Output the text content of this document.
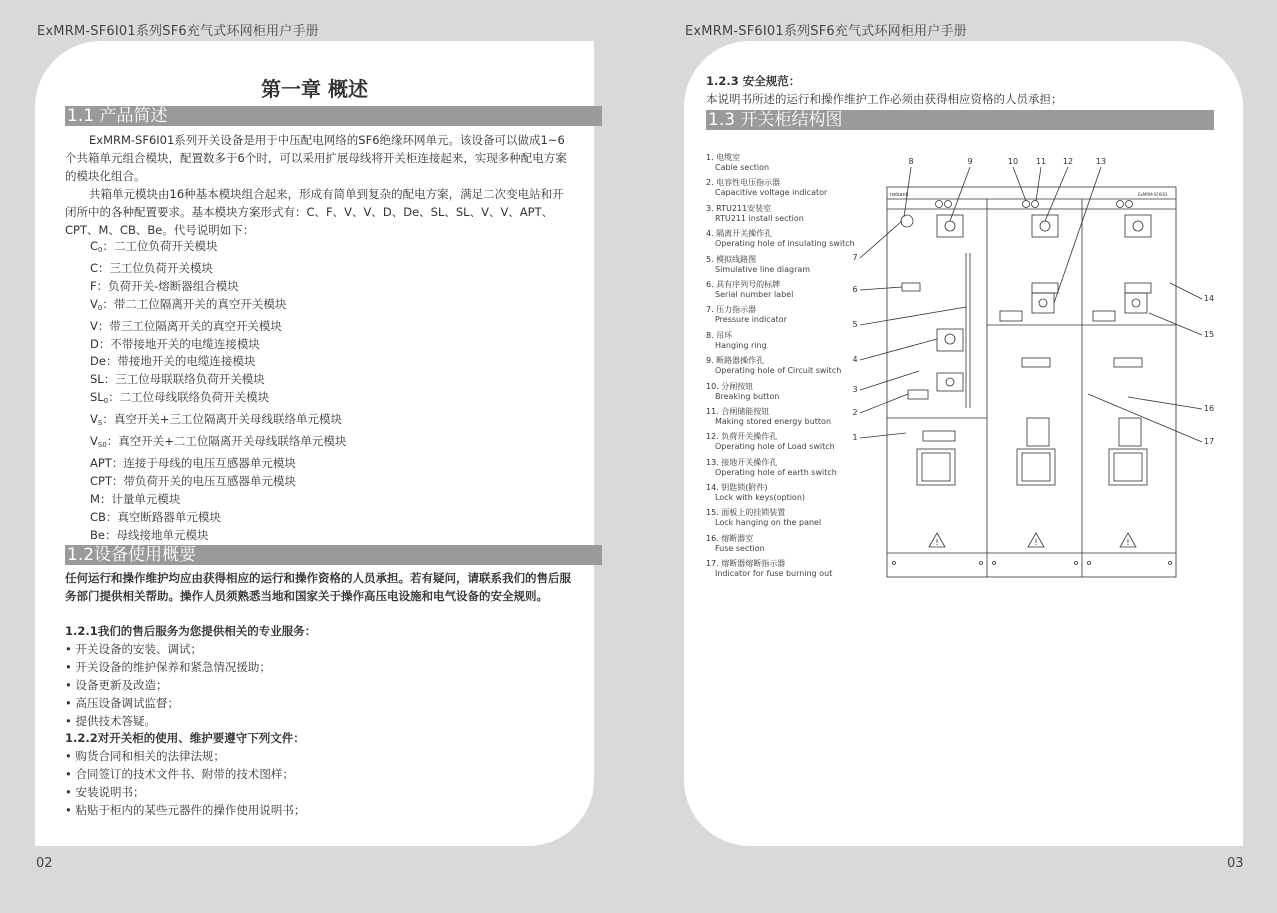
ExMRM-SF6I01系列SF6充气式环网柜用户手册	ExMRM-SF6I01系列SF6充气式环网柜用户手册
第一章 概述
1.1 产品简述

ExMRM-SF6I01系列开关设备是用于中压配电网络的SF6绝缘环网单元。该设备可以做成1~6个共箱单元组合模块，配置数多于6个时，可以采用扩展母线将开关柜连接起来，实现多种配电方案的模块化组合。

共箱单元模块由16种基本模块组合起来，形成有简单到复杂的配电方案，满足二次变电站和开闭所中的各种配置要求。基本模块方案形式有：C、F、V、V、D、De、SL、SL、V、V、APT、CPT、M、CB、Be。代号说明如下：

$C_0$：二工位负荷开关模块
C：三工位负荷开关模块
F：负荷开关-熔断器组合模块
$V_0$：带二工位隔离开关的真空开关模块
V：带三工位隔离开关的真空开关模块
D：不带接地开关的电缆连接模块
De：带接地开关的电缆连接模块
SL：三工位母联联络负荷开关模块
$SL_0$：二工位母线联络负荷开关模块
$V_S$：真空开关+三工位隔离开关母线联络单元模块
$V_{S0}$：真空开关+二工位隔离开关母线联络单元模块
APT：连接于母线的电压互感器单元模块
CPT：带负荷开关的电压互感器单元模块
M：计量单元模块
CB：真空断路器单元模块
Be：母线接地单元模块
1.2设备使用概要
任何运行和操作维护均应由获得相应的运行和操作资格的人员承担。若有疑问，请联系我们的售后服务部门提供相关帮助。操作人员须熟悉当地和国家关于操作高压电设施和电气设备的安全规则。
1.2.1我们的售后服务为您提供相关的专业服务：
• 开关设备的安装、调试；
• 开关设备的维护保养和紧急情况援助；
• 设备更新及改造；
• 高压设备调试监督；
• 提供技术答疑。
1.2.2对开关柜的使用、维护要遵守下列文件：
• 购货合同和相关的法律法规；
• 合同签订的技术文件书、附带的技术图样；
• 安装说明书；
• 粘贴于柜内的某些元器件的操作使用说明书；
1.2.3 安全规范：
本说明书所述的运行和操作维护工作必须由获得相应资格的人员承担；
1.3 开关柜结构图
1. 电缆室
Cable section
2. 电容性电压指示器
Capacitive voltage indicator
3. RTU211安装室
RTU211 install section
4. 隔离开关操作孔
Operating hole of insulating switch
5. 模拟线路图
Simulative line diagram
6. 具有序列号的标牌
Serial number label
7. 压力指示器
Pressure indicator
8. 吊环
Hanging ring
9. 断路器操作孔
Operating hole of Circuit switch
10. 分闸按钮
Breaking button
11. 合闸储能按钮
Making stored energy button
12. 负荷开关操作孔
Operating hole of Load switch
13. 接地开关操作孔
Operating hole of earth switch
14. 钥匙锁(附件)
Lock with keys(option)
15. 面板上的挂锁装置
Lock hanging on the panel
16. 熔断器室
Fuse section
17. 熔断器熔断指示器
Indicator for fuse burning out
nebank	ExMRM-SF6I01
!	!
!
8	9	10 11 12	13
7
6
5
4
3
2
1
14
15
16
17
02	03
